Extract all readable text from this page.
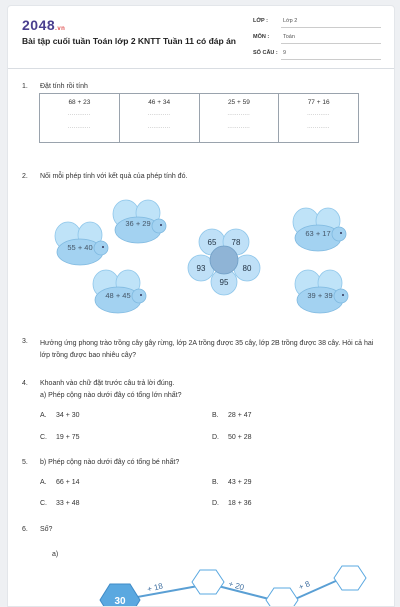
2048.vn
Bài tập cuối tuần Toán lớp 2 KNTT Tuần 11 có đáp án
LỚP :	Lớp 2
MÔN :	Toán
SỐ CÂU : 9
1. Đặt tính rồi tính
68 + 23
............
............
	46 + 34
............
............
	25 + 59
............
............
	77 + 16
............
............
2. Nối mỗi phép tính với kết quả của phép tính đó.
36 + 29
55 + 40
48 + 45
63 + 17
39 + 39
65 78
93	80
95
3. Hưởng ứng phong trào trồng cây gây rừng, lớp 2A trồng được 35 cây, lớp 2B trồng được 38 cây. Hỏi cả hai lớp trồng được bao nhiêu cây?
4. Khoanh vào chữ đặt trước câu trả lời đúng.
a) Phép cộng nào dưới đây có tổng lớn nhất?
A. 34 + 30	B. 28 + 47
C. 19 + 75	D. 50 + 28
5. b) Phép cộng nào dưới đây có tổng bé nhất?
A. 66 + 14	B. 43 + 29
C. 33 + 48	D. 18 + 36
6. Số?
a)
30
+ 18	+ 20	+ 8
